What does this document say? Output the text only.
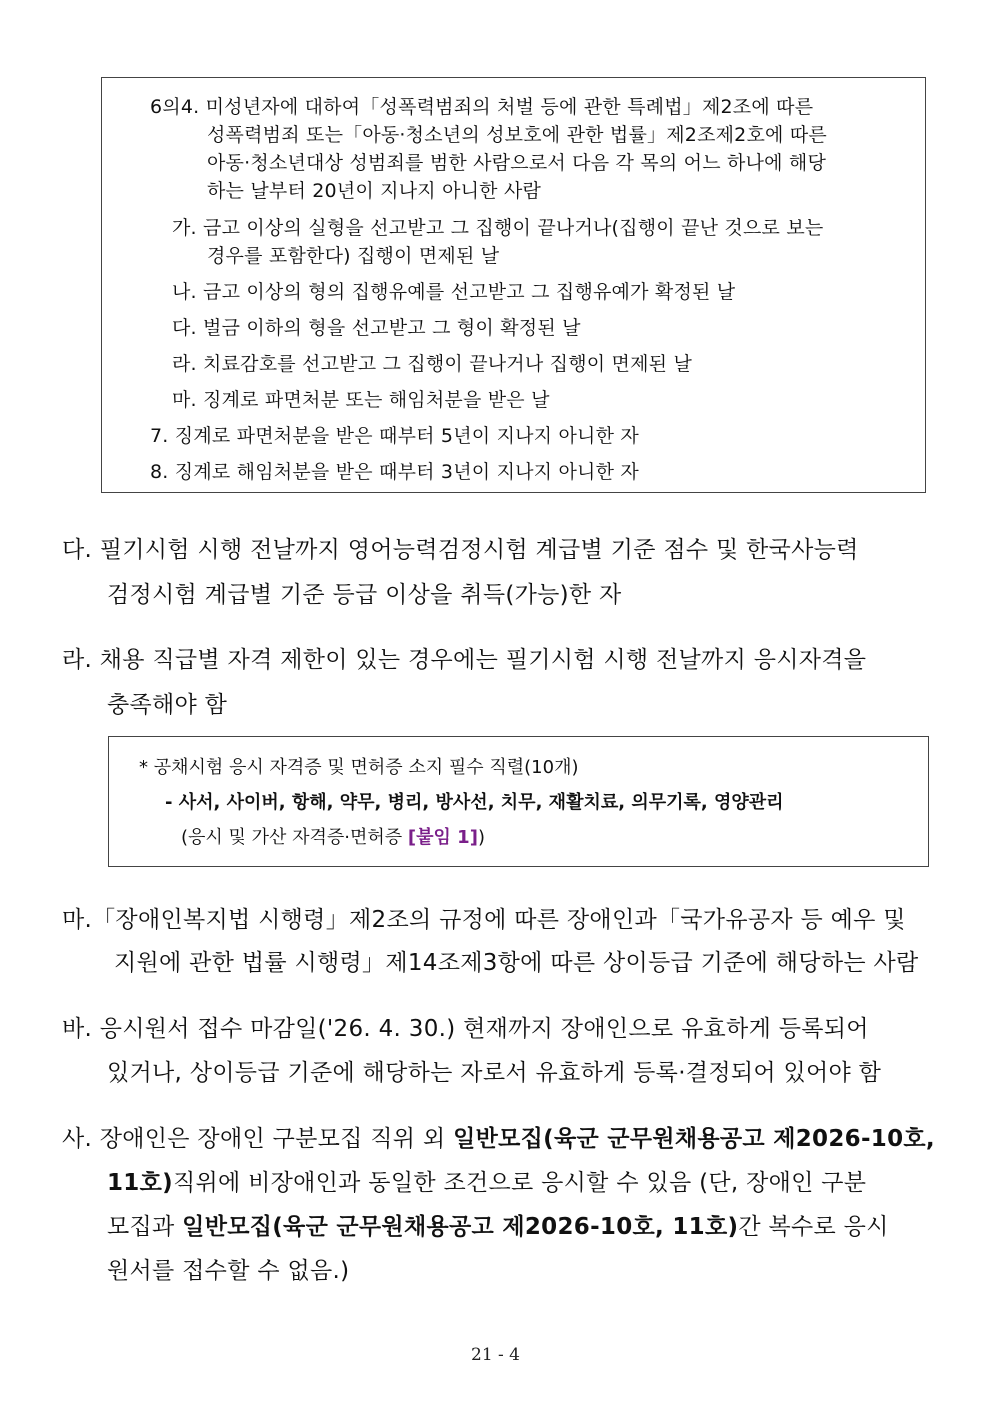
6의4. 미성년자에 대하여「성폭력범죄의 처벌 등에 관한 특례법」제2조에 따른
성폭력범죄 또는「아동·청소년의 성보호에 관한 법률」제2조제2호에 따른
아동·청소년대상 성범죄를 범한 사람으로서 다음 각 목의 어느 하나에 해당
하는 날부터 20년이 지나지 아니한 사람
가. 금고 이상의 실형을 선고받고 그 집행이 끝나거나(집행이 끝난 것으로 보는
경우를 포함한다) 집행이 면제된 날
나. 금고 이상의 형의 집행유예를 선고받고 그 집행유예가 확정된 날
다. 벌금 이하의 형을 선고받고 그 형이 확정된 날
라. 치료감호를 선고받고 그 집행이 끝나거나 집행이 면제된 날
마. 징계로 파면처분 또는 해임처분을 받은 날
7. 징계로 파면처분을 받은 때부터 5년이 지나지 아니한 자
8. 징계로 해임처분을 받은 때부터 3년이 지나지 아니한 자
다. 필기시험 시행 전날까지 영어능력검정시험 계급별 기준 점수 및 한국사능력
검정시험 계급별 기준 등급 이상을 취득(가능)한 자
라. 채용 직급별 자격 제한이 있는 경우에는 필기시험 시행 전날까지 응시자격을
충족해야 함
* 공채시험 응시 자격증 및 면허증 소지 필수 직렬(10개)
- 사서, 사이버, 항해, 약무, 병리, 방사선, 치무, 재활치료, 의무기록, 영양관리
(응시 및 가산 자격증·면허증 [붙임 1])
마.「장애인복지법 시행령」제2조의 규정에 따른 장애인과「국가유공자 등 예우 및
지원에 관한 법률 시행령」제14조제3항에 따른 상이등급 기준에 해당하는 사람
바. 응시원서 접수 마감일('26. 4. 30.) 현재까지 장애인으로 유효하게 등록되어
있거나, 상이등급 기준에 해당하는 자로서 유효하게 등록·결정되어 있어야 함
사. 장애인은 장애인 구분모집 직위 외 일반모집(육군 군무원채용공고 제2026-10호,
11호)직위에 비장애인과 동일한 조건으로 응시할 수 있음 (단, 장애인 구분
모집과 일반모집(육군 군무원채용공고 제2026-10호, 11호)간 복수로 응시
원서를 접수할 수 없음.)
21 - 4
